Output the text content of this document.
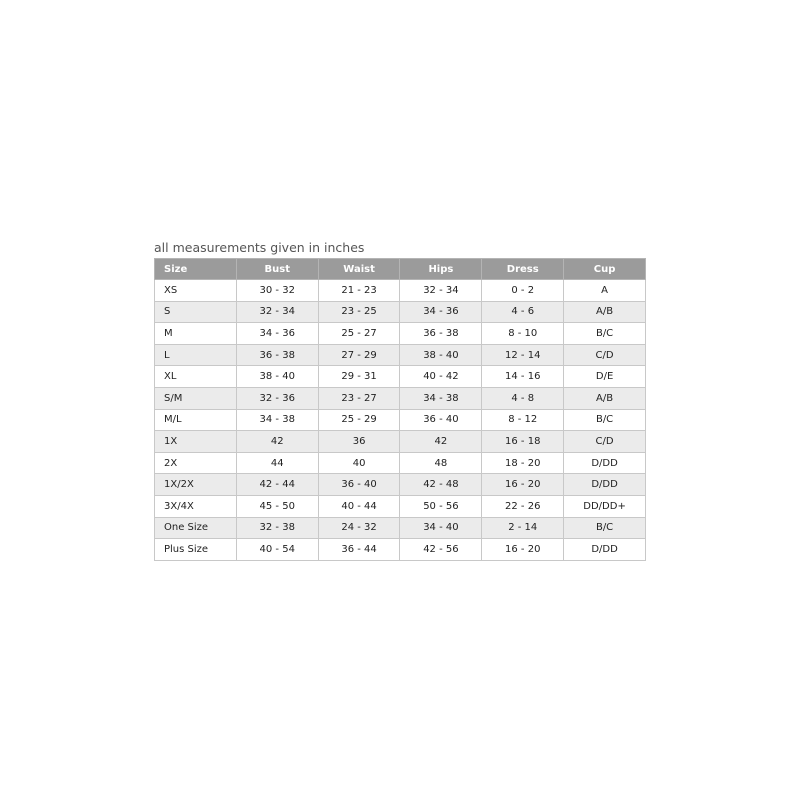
all measurements given in inches
Size	Bust	Waist	Hips	Dress	Cup
XS	30 - 32	21 - 23	32 - 34	0 - 2	A
S	32 - 34	23 - 25	34 - 36	4 - 6	A/B
M	34 - 36	25 - 27	36 - 38	8 - 10	B/C
L	36 - 38	27 - 29	38 - 40	12 - 14	C/D
XL	38 - 40	29 - 31	40 - 42	14 - 16	D/E
S/M	32 - 36	23 - 27	34 - 38	4 - 8	A/B
M/L	34 - 38	25 - 29	36 - 40	8 - 12	B/C
1X	42	36	42	16 - 18	C/D
2X	44	40	48	18 - 20	D/DD
1X/2X	42 - 44	36 - 40	42 - 48	16 - 20	D/DD
3X/4X	45 - 50	40 - 44	50 - 56	22 - 26	DD/DD+
One Size	32 - 38	24 - 32	34 - 40	2 - 14	B/C
Plus Size	40 - 54	36 - 44	42 - 56	16 - 20	D/DD
